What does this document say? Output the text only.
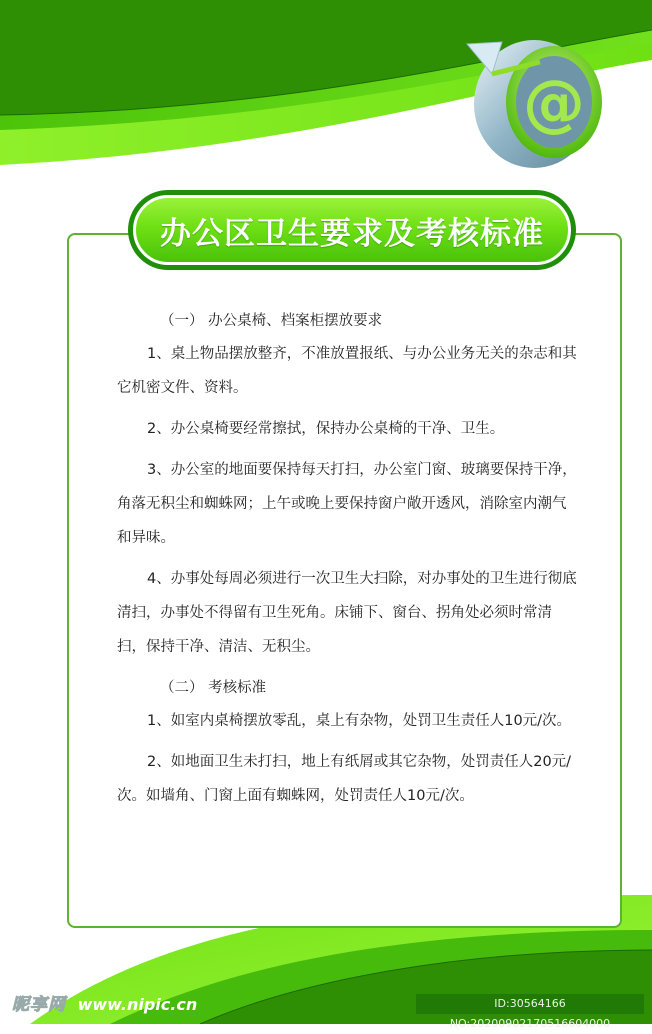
@
办公区卫生要求及考核标准
（一） 办公桌椅、档案柜摆放要求

1、桌上物品摆放整齐，不准放置报纸、与办公业务无关的杂志和其它机密文件、资料。

2、办公桌椅要经常擦拭，保持办公桌椅的干净、卫生。

3、办公室的地面要保持每天打扫，办公室门窗、玻璃要保持干净，角落无积尘和蜘蛛网；上午或晚上要保持窗户敞开透风，消除室内潮气和异味。

4、办事处每周必须进行一次卫生大扫除，对办事处的卫生进行彻底清扫，办事处不得留有卫生死角。床铺下、窗台、拐角处必须时常清扫，保持干净、清洁、无积尘。

（二） 考核标准

1、如室内桌椅摆放零乱，桌上有杂物，处罚卫生责任人10元/次。

2、如地面卫生未打扫，地上有纸屑或其它杂物，处罚责任人20元/次。如墙角、门窗上面有蜘蛛网，处罚责任人10元/次。

昵享网 www.nipic.cn	ID:30564166 NO:20200902170516604000
